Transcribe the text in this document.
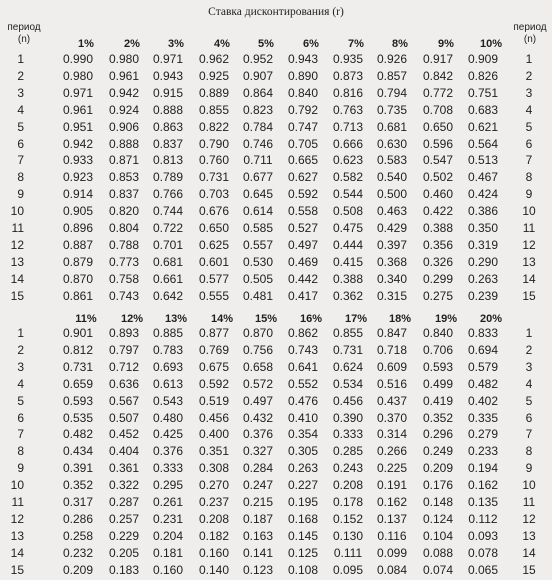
Ставка дисконтирования (r)
период
(n)
период
(n)
1%	2%	3%	4%	5%	6%	7%	8%	9%	10%
1	0.990	0.980	0.971	0.962	0.952	0.943	0.935	0.926	0.917	0.909	1
2	0.980	0.961	0.943	0.925	0.907	0.890	0.873	0.857	0.842	0.826	2
3	0.971	0.942	0.915	0.889	0.864	0.840	0.816	0.794	0.772	0.751	3
4	0.961	0.924	0.888	0.855	0.823	0.792	0.763	0.735	0.708	0.683	4
5	0.951	0.906	0.863	0.822	0.784	0.747	0.713	0.681	0.650	0.621	5
6	0.942	0.888	0.837	0.790	0.746	0.705	0.666	0.630	0.596	0.564	6
7	0.933	0.871	0.813	0.760	0.711	0.665	0.623	0.583	0.547	0.513	7
8	0.923	0.853	0.789	0.731	0.677	0.627	0.582	0.540	0.502	0.467	8
9	0.914	0.837	0.766	0.703	0.645	0.592	0.544	0.500	0.460	0.424	9
10	0.905	0.820	0.744	0.676	0.614	0.558	0.508	0.463	0.422	0.386	10
11	0.896	0.804	0.722	0.650	0.585	0.527	0.475	0.429	0.388	0.350	11
12	0.887	0.788	0.701	0.625	0.557	0.497	0.444	0.397	0.356	0.319	12
13	0.879	0.773	0.681	0.601	0.530	0.469	0.415	0.368	0.326	0.290	13
14	0.870	0.758	0.661	0.577	0.505	0.442	0.388	0.340	0.299	0.263	14
15	0.861	0.743	0.642	0.555	0.481	0.417	0.362	0.315	0.275	0.239	15
11%	12%	13%	14%	15%	16%	17%	18%	19%	20%
1	0.901	0.893	0.885	0.877	0.870	0.862	0.855	0.847	0.840	0.833	1
2	0.812	0.797	0.783	0.769	0.756	0.743	0.731	0.718	0.706	0.694	2
3	0.731	0.712	0.693	0.675	0.658	0.641	0.624	0.609	0.593	0.579	3
4	0.659	0.636	0.613	0.592	0.572	0.552	0.534	0.516	0.499	0.482	4
5	0.593	0.567	0.543	0.519	0.497	0.476	0.456	0.437	0.419	0.402	5
6	0.535	0.507	0.480	0.456	0.432	0.410	0.390	0.370	0.352	0.335	6
7	0.482	0.452	0.425	0.400	0.376	0.354	0.333	0.314	0.296	0.279	7
8	0.434	0.404	0.376	0.351	0.327	0.305	0.285	0.266	0.249	0.233	8
9	0.391	0.361	0.333	0.308	0.284	0.263	0.243	0.225	0.209	0.194	9
10	0.352	0.322	0.295	0.270	0.247	0.227	0.208	0.191	0.176	0.162	10
11	0.317	0.287	0.261	0.237	0.215	0.195	0.178	0.162	0.148	0.135	11
12	0.286	0.257	0.231	0.208	0.187	0.168	0.152	0.137	0.124	0.112	12
13	0.258	0.229	0.204	0.182	0.163	0.145	0.130	0.116	0.104	0.093	13
14	0.232	0.205	0.181	0.160	0.141	0.125	0.111	0.099	0.088	0.078	14
15	0.209	0.183	0.160	0.140	0.123	0.108	0.095	0.084	0.074	0.065	15
